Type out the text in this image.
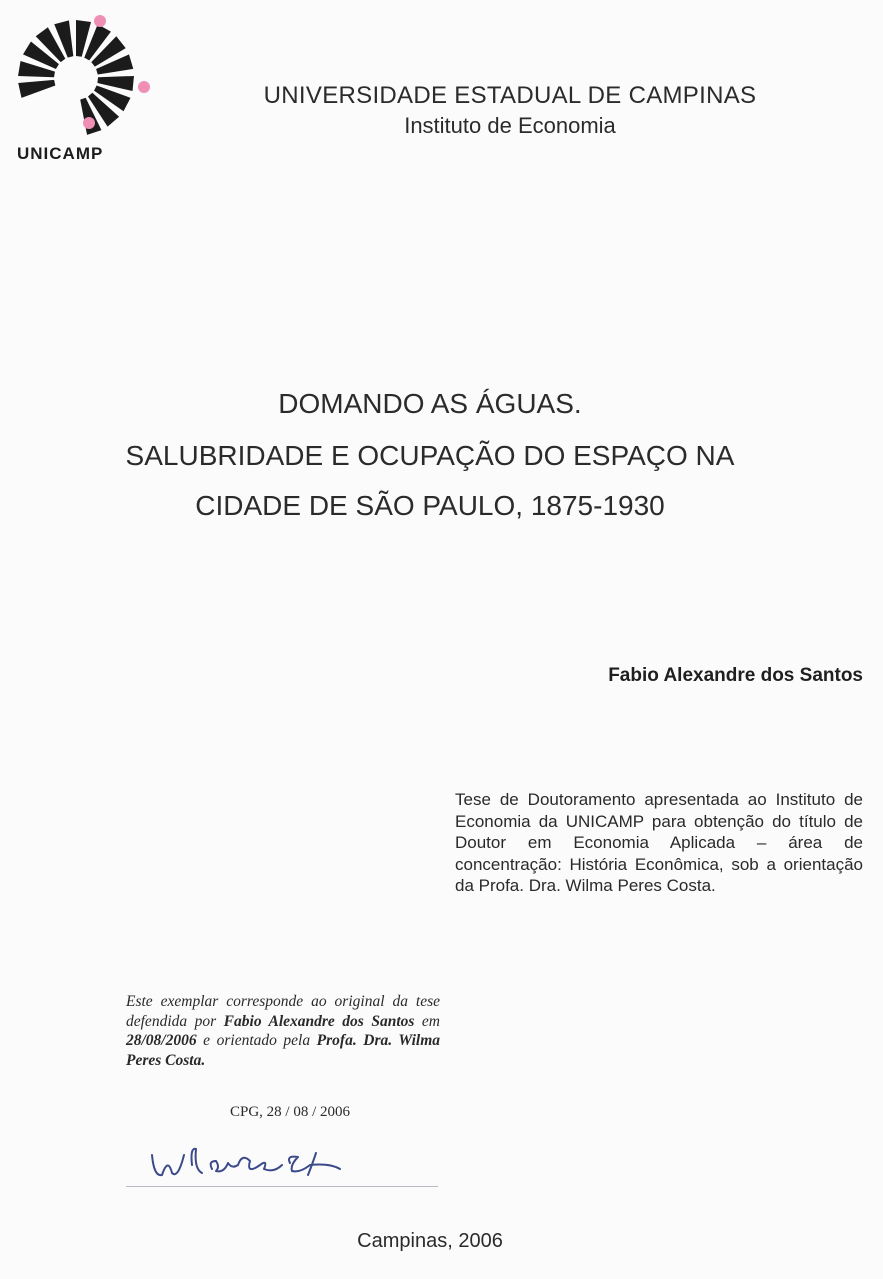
UNICAMP
UNIVERSIDADE ESTADUAL DE CAMPINAS
Instituto de Economia
DOMANDO AS ÁGUAS.
SALUBRIDADE E OCUPAÇÃO DO ESPAÇO NA
CIDADE DE SÃO PAULO, 1875-1930
Fabio Alexandre dos Santos
Tese de Doutoramento apresentada ao Instituto de Economia da UNICAMP para obtenção do título de Doutor em Economia Aplicada – área de concentração: História Econômica, sob a orientação da Profa. Dra. Wilma Peres Costa.
Este exemplar corresponde ao original da tese defendida por Fabio Alexandre dos Santos em 28/08/2006 e orientado pela Profa. Dra. Wilma Peres Costa.
CPG, 28 / 08 / 2006
Campinas, 2006
